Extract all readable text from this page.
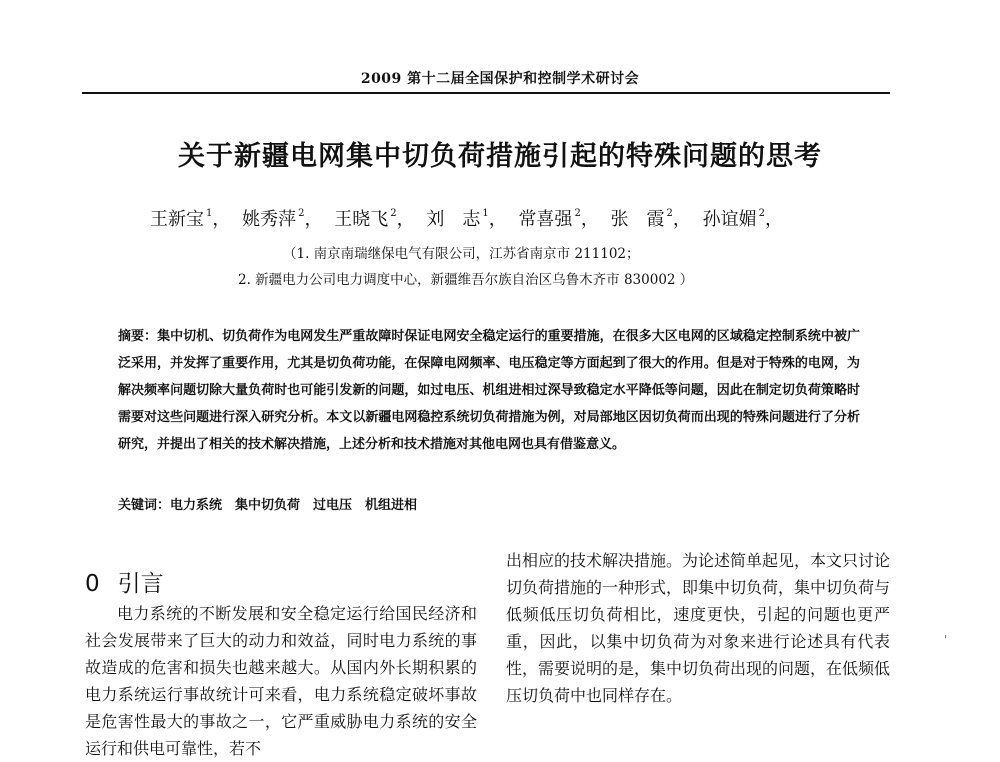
2009 第十二届全国保护和控制学术研讨会
关于新疆电网集中切负荷措施引起的特殊问题的思考
王新宝 $^1$， 姚秀萍 $^2$， 王晓飞 $^2$， 刘　志 $^1$， 常喜强 $^2$， 张　霞 $^2$， 孙谊媚 $^2$，
（1. 南京南瑞继保电气有限公司，江苏省南京市 211102；
2. 新疆电力公司电力调度中心，新疆维吾尔族自治区乌鲁木齐市 830002 ）
摘要：集中切机、切负荷作为电网发生严重故障时保证电网安全稳定运行的重要措施，在很多大区电网的区域稳定控制系统中被广泛采用，并发挥了重要作用，尤其是切负荷功能，在保障电网频率、电压稳定等方面起到了很大的作用。但是对于特殊的电网，为解决频率问题切除大量负荷时也可能引发新的问题，如过电压、机组进相过深导致稳定水平降低等问题，因此在制定切负荷策略时需要对这些问题进行深入研究分析。本文以新疆电网稳控系统切负荷措施为例，对局部地区因切负荷而出现的特殊问题进行了分析研究，并提出了相关的技术解决措施，上述分析和技术措施对其他电网也具有借鉴意义。
关键词：电力系统　集中切负荷　过电压　机组进相
0 引言
电力系统的不断发展和安全稳定运行给国民经济和社会发展带来了巨大的动力和效益，同时电力系统的事故造成的危害和损失也越来越大。从国内外长期积累的电力系统运行事故统计可来看，电力系统稳定破坏事故是危害性最大的事故之一，它严重威胁电力系统的安全运行和供电可靠性，若不
出相应的技术解决措施。为论述简单起见，本文只讨论切负荷措施的一种形式，即集中切负荷，集中切负荷与低频低压切负荷相比，速度更快，引起的问题也更严重，因此，以集中切负荷为对象来进行论述具有代表性，需要说明的是，集中切负荷出现的问题，在低频低压切负荷中也同样存在。
'
